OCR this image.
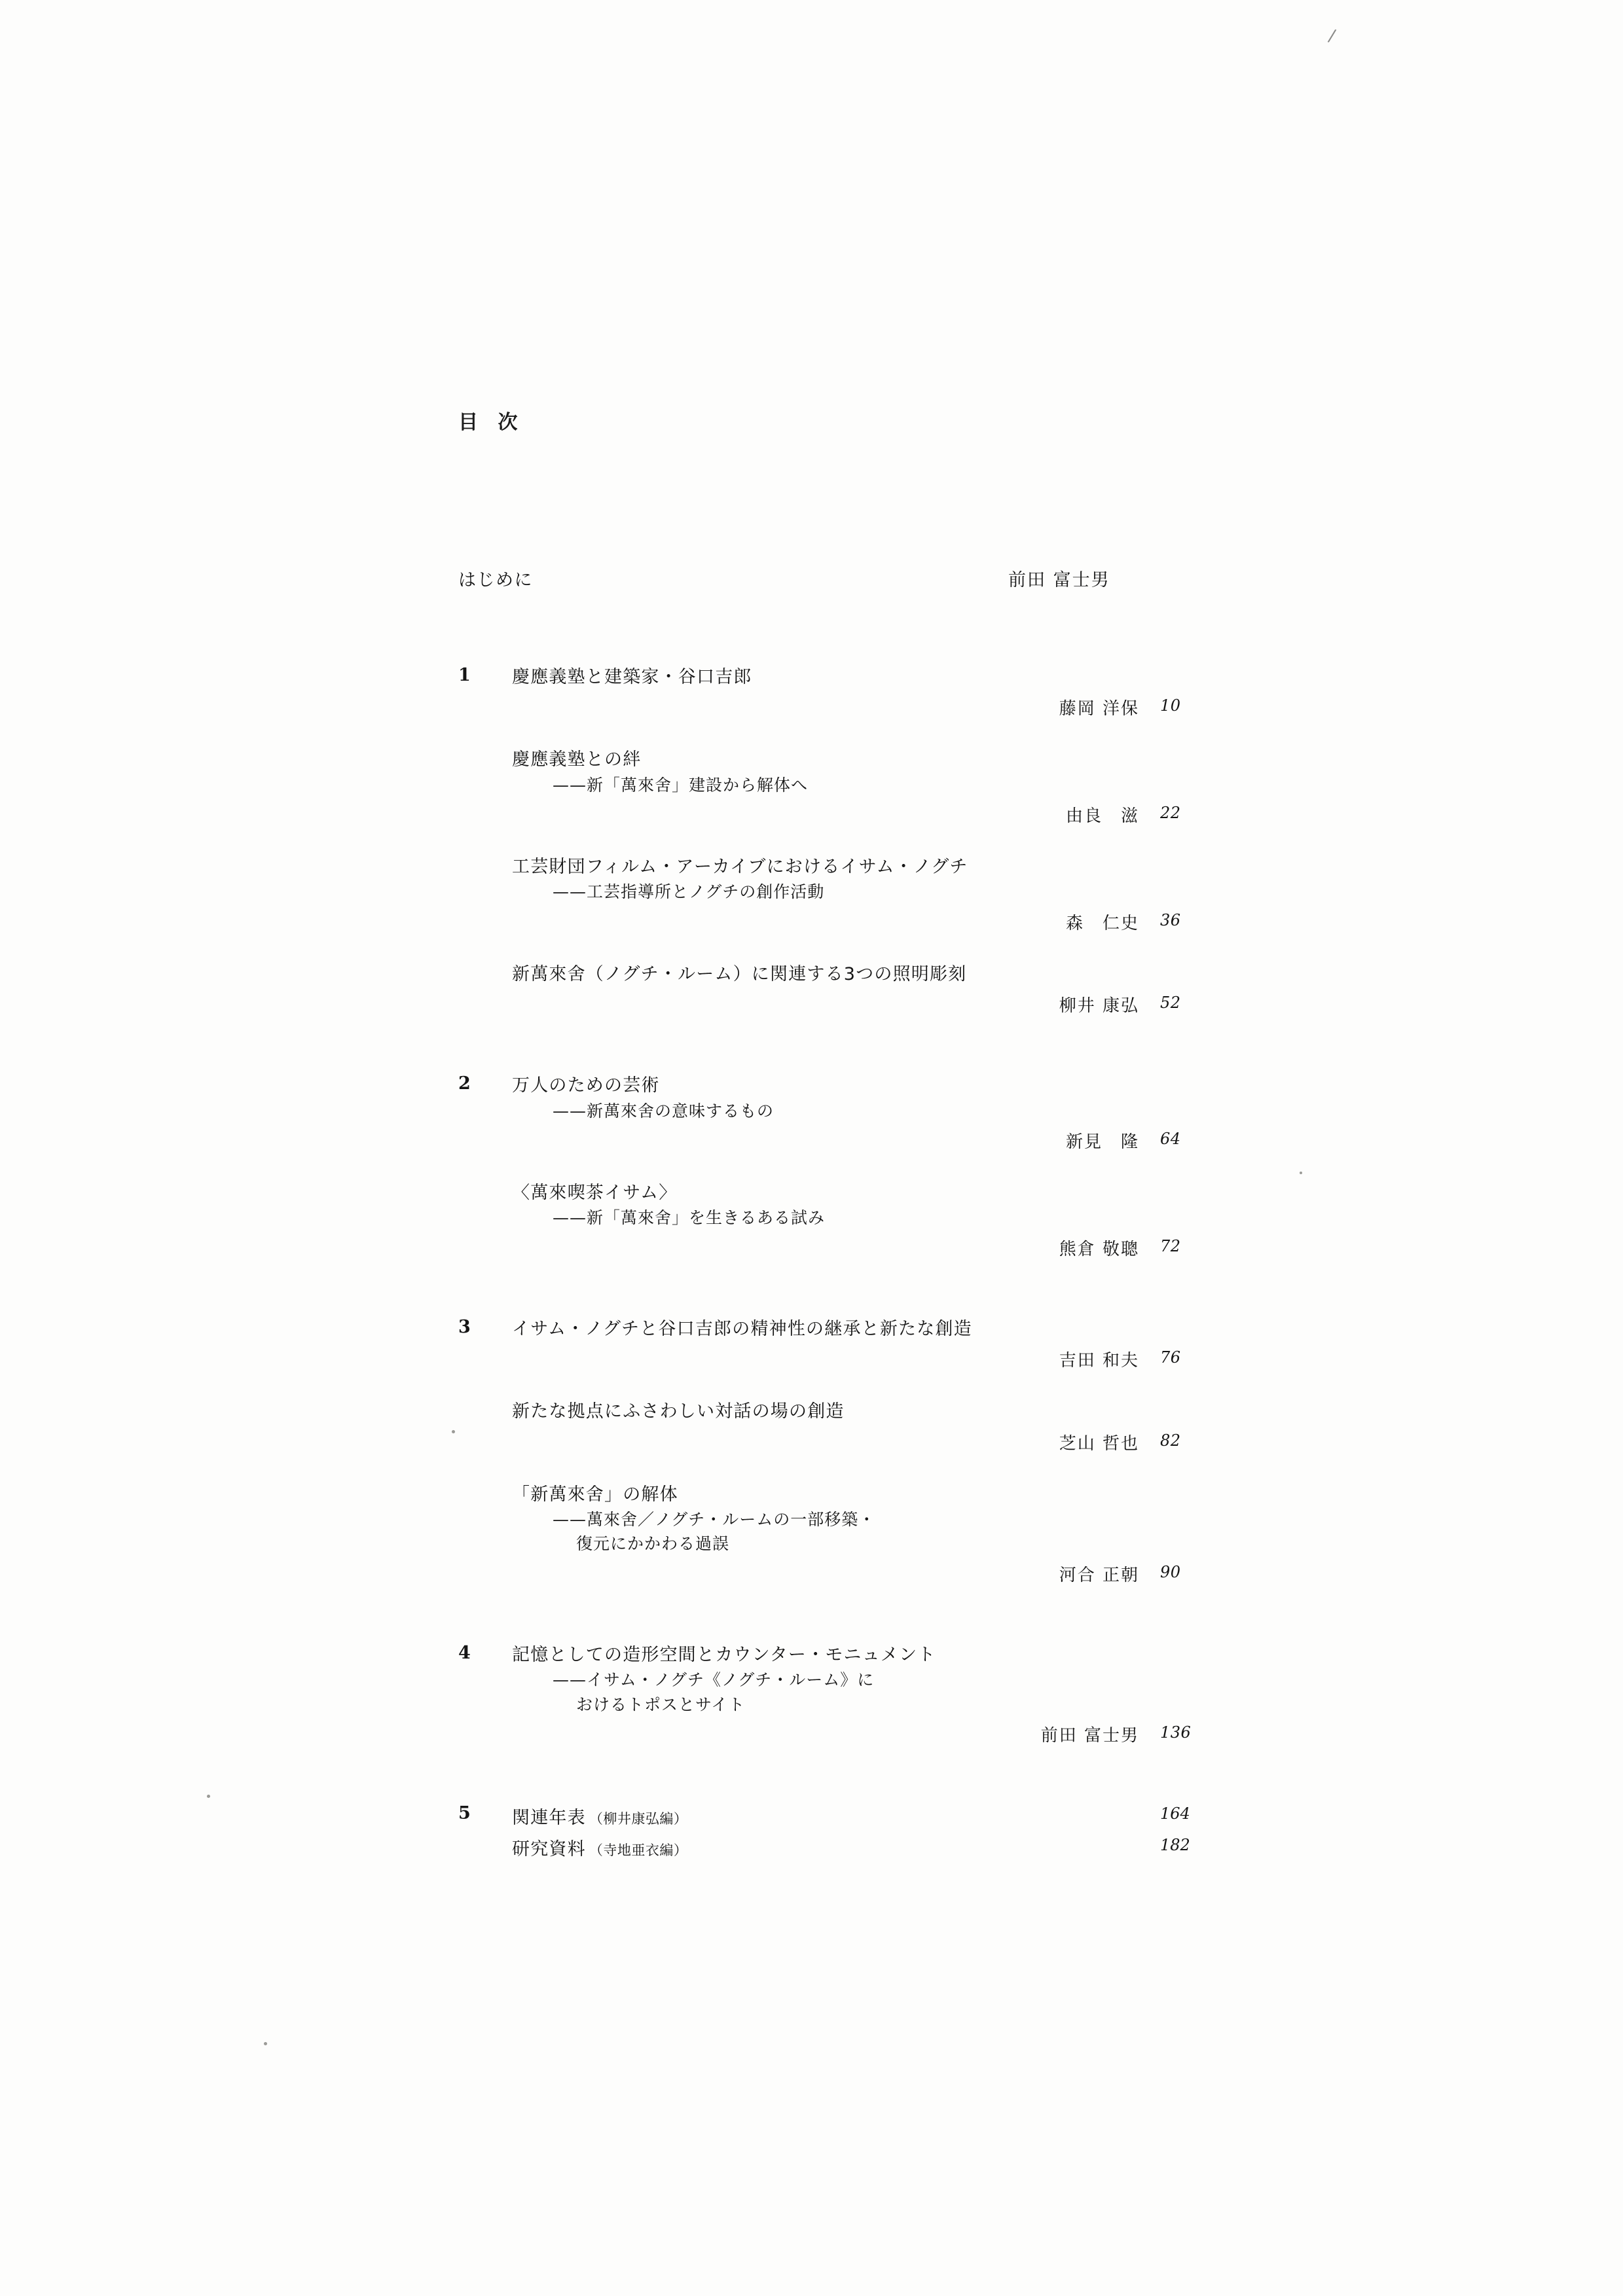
/
目 次
はじめに	前田 富士男
1 慶應義塾と建築家・谷口吉郎
藤岡 洋保 10
慶應義塾との絆
——新「萬來舍」建設から解体へ
由良　滋 22
工芸財団フィルム・アーカイブにおけるイサム・ノグチ
——工芸指導所とノグチの創作活動
森　仁史 36
新萬來舍（ノグチ・ルーム）に関連する3つの照明彫刻
柳井 康弘 52
2 万人のための芸術
——新萬來舍の意味するもの
新見　隆 64
〈萬來喫茶イサム〉
——新「萬來舍」を生きるある試み
熊倉 敬聰 72
3 イサム・ノグチと谷口吉郎の精神性の継承と新たな創造
吉田 和夫 76
新たな拠点にふさわしい対話の場の創造
芝山 哲也 82
「新萬來舍」の解体
——萬來舍／ノグチ・ルームの一部移築・
復元にかかわる過誤
河合 正朝 90
4 記憶としての造形空間とカウンター・モニュメント
——イサム・ノグチ《ノグチ・ルーム》に
おけるトポスとサイト
前田 富士男 136
5 関連年表 （柳井康弘編）	164
研究資料 （寺地亜衣編）	182
